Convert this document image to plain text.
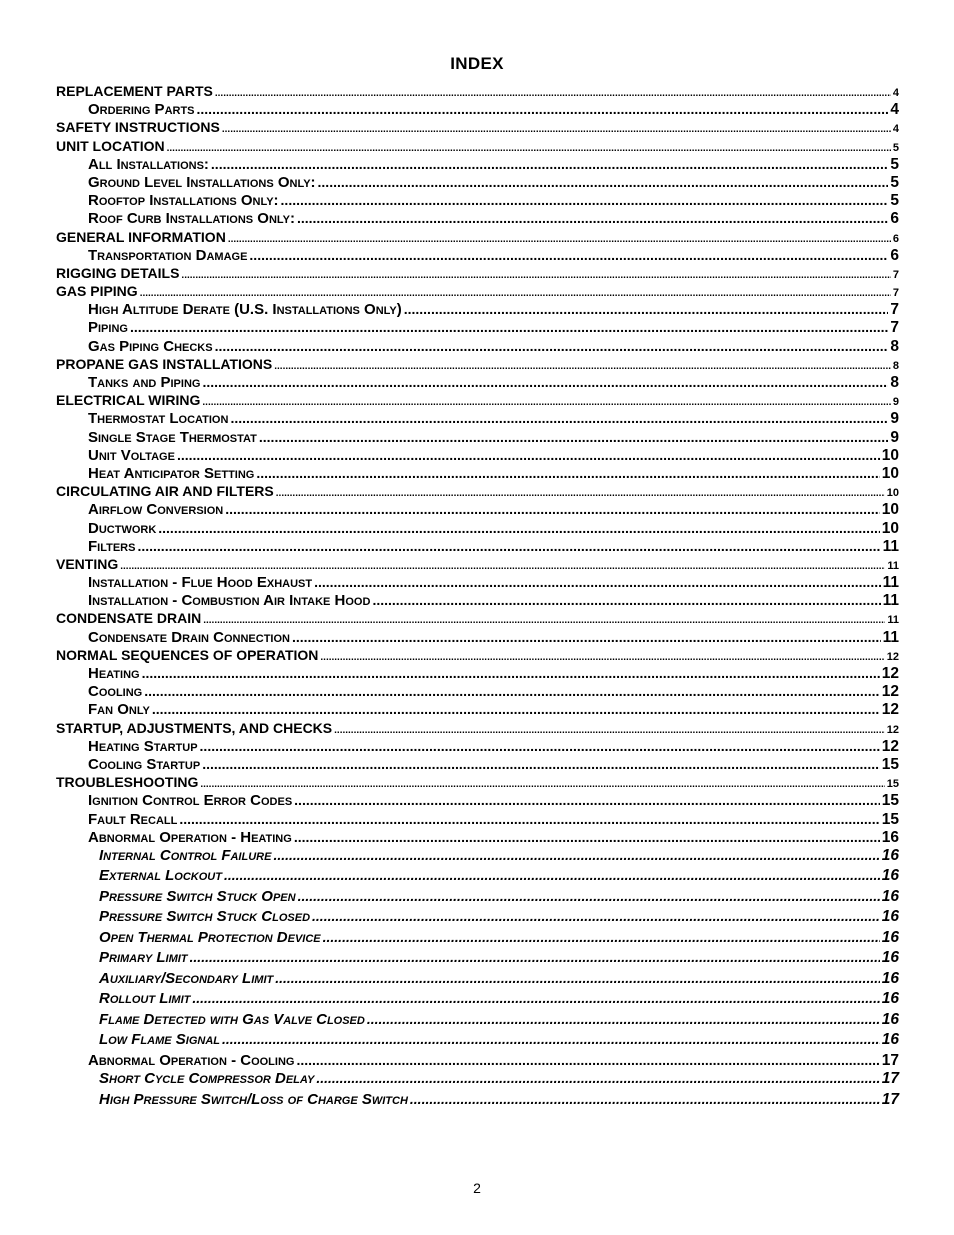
INDEX
REPLACEMENT PARTS .....	4
Ordering Parts .....	4
SAFETY INSTRUCTIONS .....	4
UNIT LOCATION .....	5
All Installations: .....	5
Ground Level Installations Only: .....	5
Rooftop Installations Only: .....	5
Roof Curb Installations Only: .....	6
GENERAL INFORMATION .....	6
Transportation Damage .....	6
RIGGING DETAILS .....	7
GAS PIPING .....	7
High Altitude Derate (U.S. Installations Only) .....	7
Piping .....	7
Gas Piping Checks .....	8
PROPANE GAS INSTALLATIONS .....	8
Tanks and Piping .....	8
ELECTRICAL WIRING .....	9
Thermostat Location .....	9
Single Stage Thermostat .....	9
Unit Voltage .....	10
Heat Anticipator Setting .....	10
CIRCULATING AIR AND FILTERS .....	10
Airflow Conversion .....	10
Ductwork .....	10
Filters .....	11
VENTING .....	11
Installation - Flue Hood Exhaust .....	11
Installation - Combustion Air Intake Hood .....	11
CONDENSATE DRAIN .....	11
Condensate Drain Connection .....	11
NORMAL SEQUENCES OF OPERATION .....	12
Heating .....	12
Cooling .....	12
Fan Only .....	12
STARTUP, ADJUSTMENTS, AND CHECKS .....	12
Heating Startup .....	12
Cooling Startup .....	15
TROUBLESHOOTING .....	15
Ignition Control Error Codes .....	15
Fault Recall .....	15
Abnormal Operation - Heating .....	16
Internal Control Failure .....	16
External Lockout .....	16
Pressure Switch Stuck Open .....	16
Pressure Switch Stuck Closed .....	16
Open Thermal Protection Device .....	16
Primary Limit .....	16
Auxiliary/Secondary Limit .....	16
Rollout Limit .....	16
Flame Detected with Gas Valve Closed .....	16
Low Flame Signal .....	16
Abnormal Operation - Cooling .....	17
Short Cycle Compressor Delay .....	17
High Pressure Switch/Loss of Charge Switch .....	17
2
